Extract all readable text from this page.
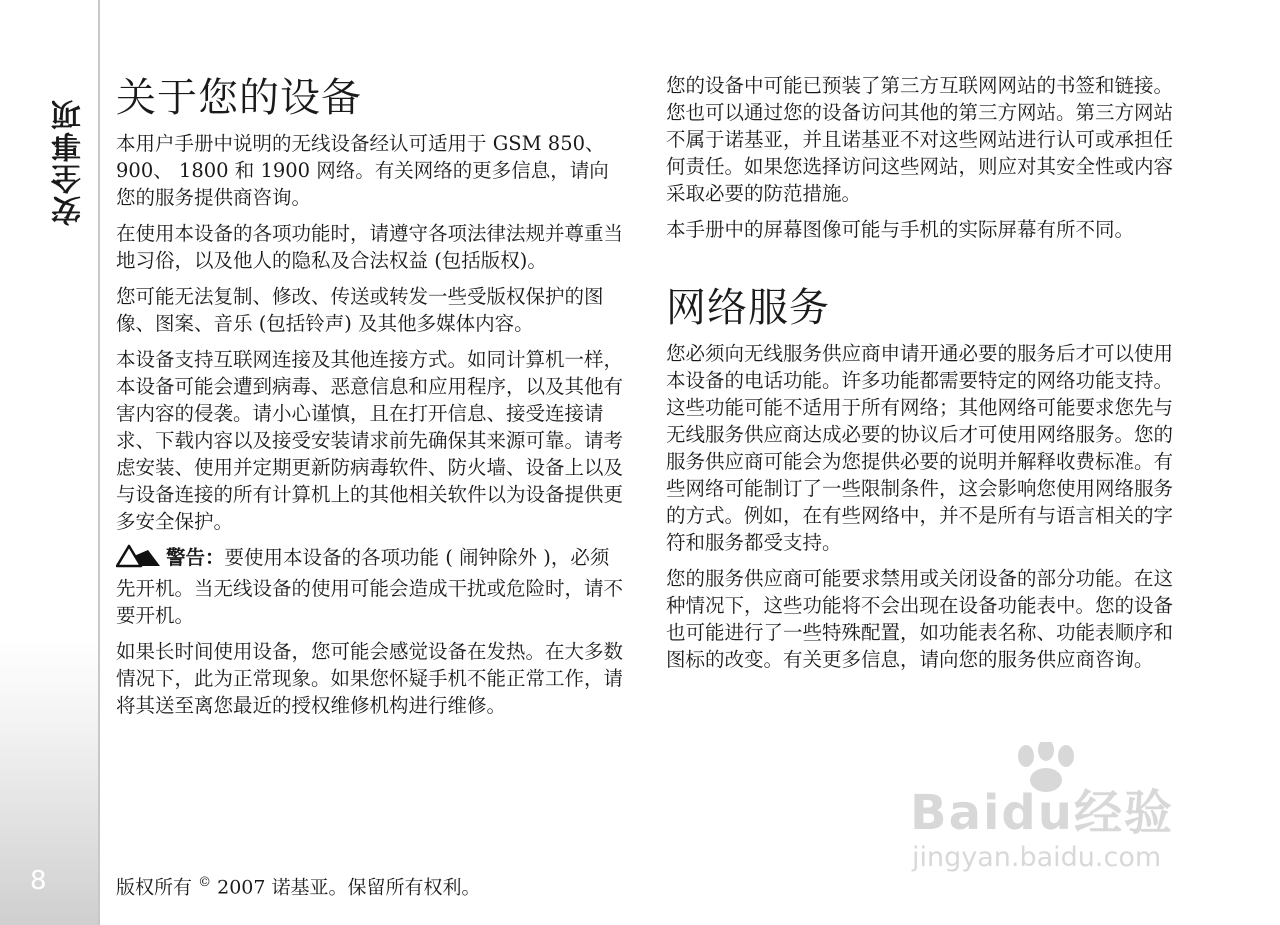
安全事项
8
关于您的设备

本用户手册中说明的无线设备经认可适用于 GSM 850、 900、 1800 和 1900 网络。有关网络的更多信息，请向您的服务提供商咨询。

在使用本设备的各项功能时，请遵守各项法律法规并尊重当地习俗，以及他人的隐私及合法权益 (包括版权)。

您可能无法复制、修改、传送或转发一些受版权保护的图像、图案、音乐 (包括铃声) 及其他多媒体内容。

本设备支持互联网连接及其他连接方式。如同计算机一样，本设备可能会遭到病毒、恶意信息和应用程序，以及其他有害内容的侵袭。请小心谨慎，且在打开信息、接受连接请求、下载内容以及接受安装请求前先确保其来源可靠。请考虑安装、使用并定期更新防病毒软件、防火墙、设备上以及与设备连接的所有计算机上的其他相关软件以为设备提供更多安全保护。

警告：要使用本设备的各项功能 ( 闹钟除外 )，必须先开机。当无线设备的使用可能会造成干扰或危险时，请不要开机。

如果长时间使用设备，您可能会感觉设备在发热。在大多数情况下，此为正常现象。如果您怀疑手机不能正常工作，请将其送至离您最近的授权维修机构进行维修。

您的设备中可能已预装了第三方互联网网站的书签和链接。您也可以通过您的设备访问其他的第三方网站。第三方网站不属于诺基亚，并且诺基亚不对这些网站进行认可或承担任何责任。如果您选择访问这些网站，则应对其安全性或内容采取必要的防范措施。

本手册中的屏幕图像可能与手机的实际屏幕有所不同。

网络服务

您必须向无线服务供应商申请开通必要的服务后才可以使用本设备的电话功能。许多功能都需要特定的网络功能支持。这些功能可能不适用于所有网络；其他网络可能要求您先与无线服务供应商达成必要的协议后才可使用网络服务。您的服务供应商可能会为您提供必要的说明并解释收费标准。有些网络可能制订了一些限制条件，这会影响您使用网络服务的方式。例如，在有些网络中，并不是所有与语言相关的字符和服务都受支持。

您的服务供应商可能要求禁用或关闭设备的部分功能。在这种情况下，这些功能将不会出现在设备功能表中。您的设备也可能进行了一些特殊配置，如功能表名称、功能表顺序和图标的改变。有关更多信息，请向您的服务供应商咨询。

版权所有 © 2007 诺基亚。保留所有权利。
Baidu经验
jingyan.baidu.com
